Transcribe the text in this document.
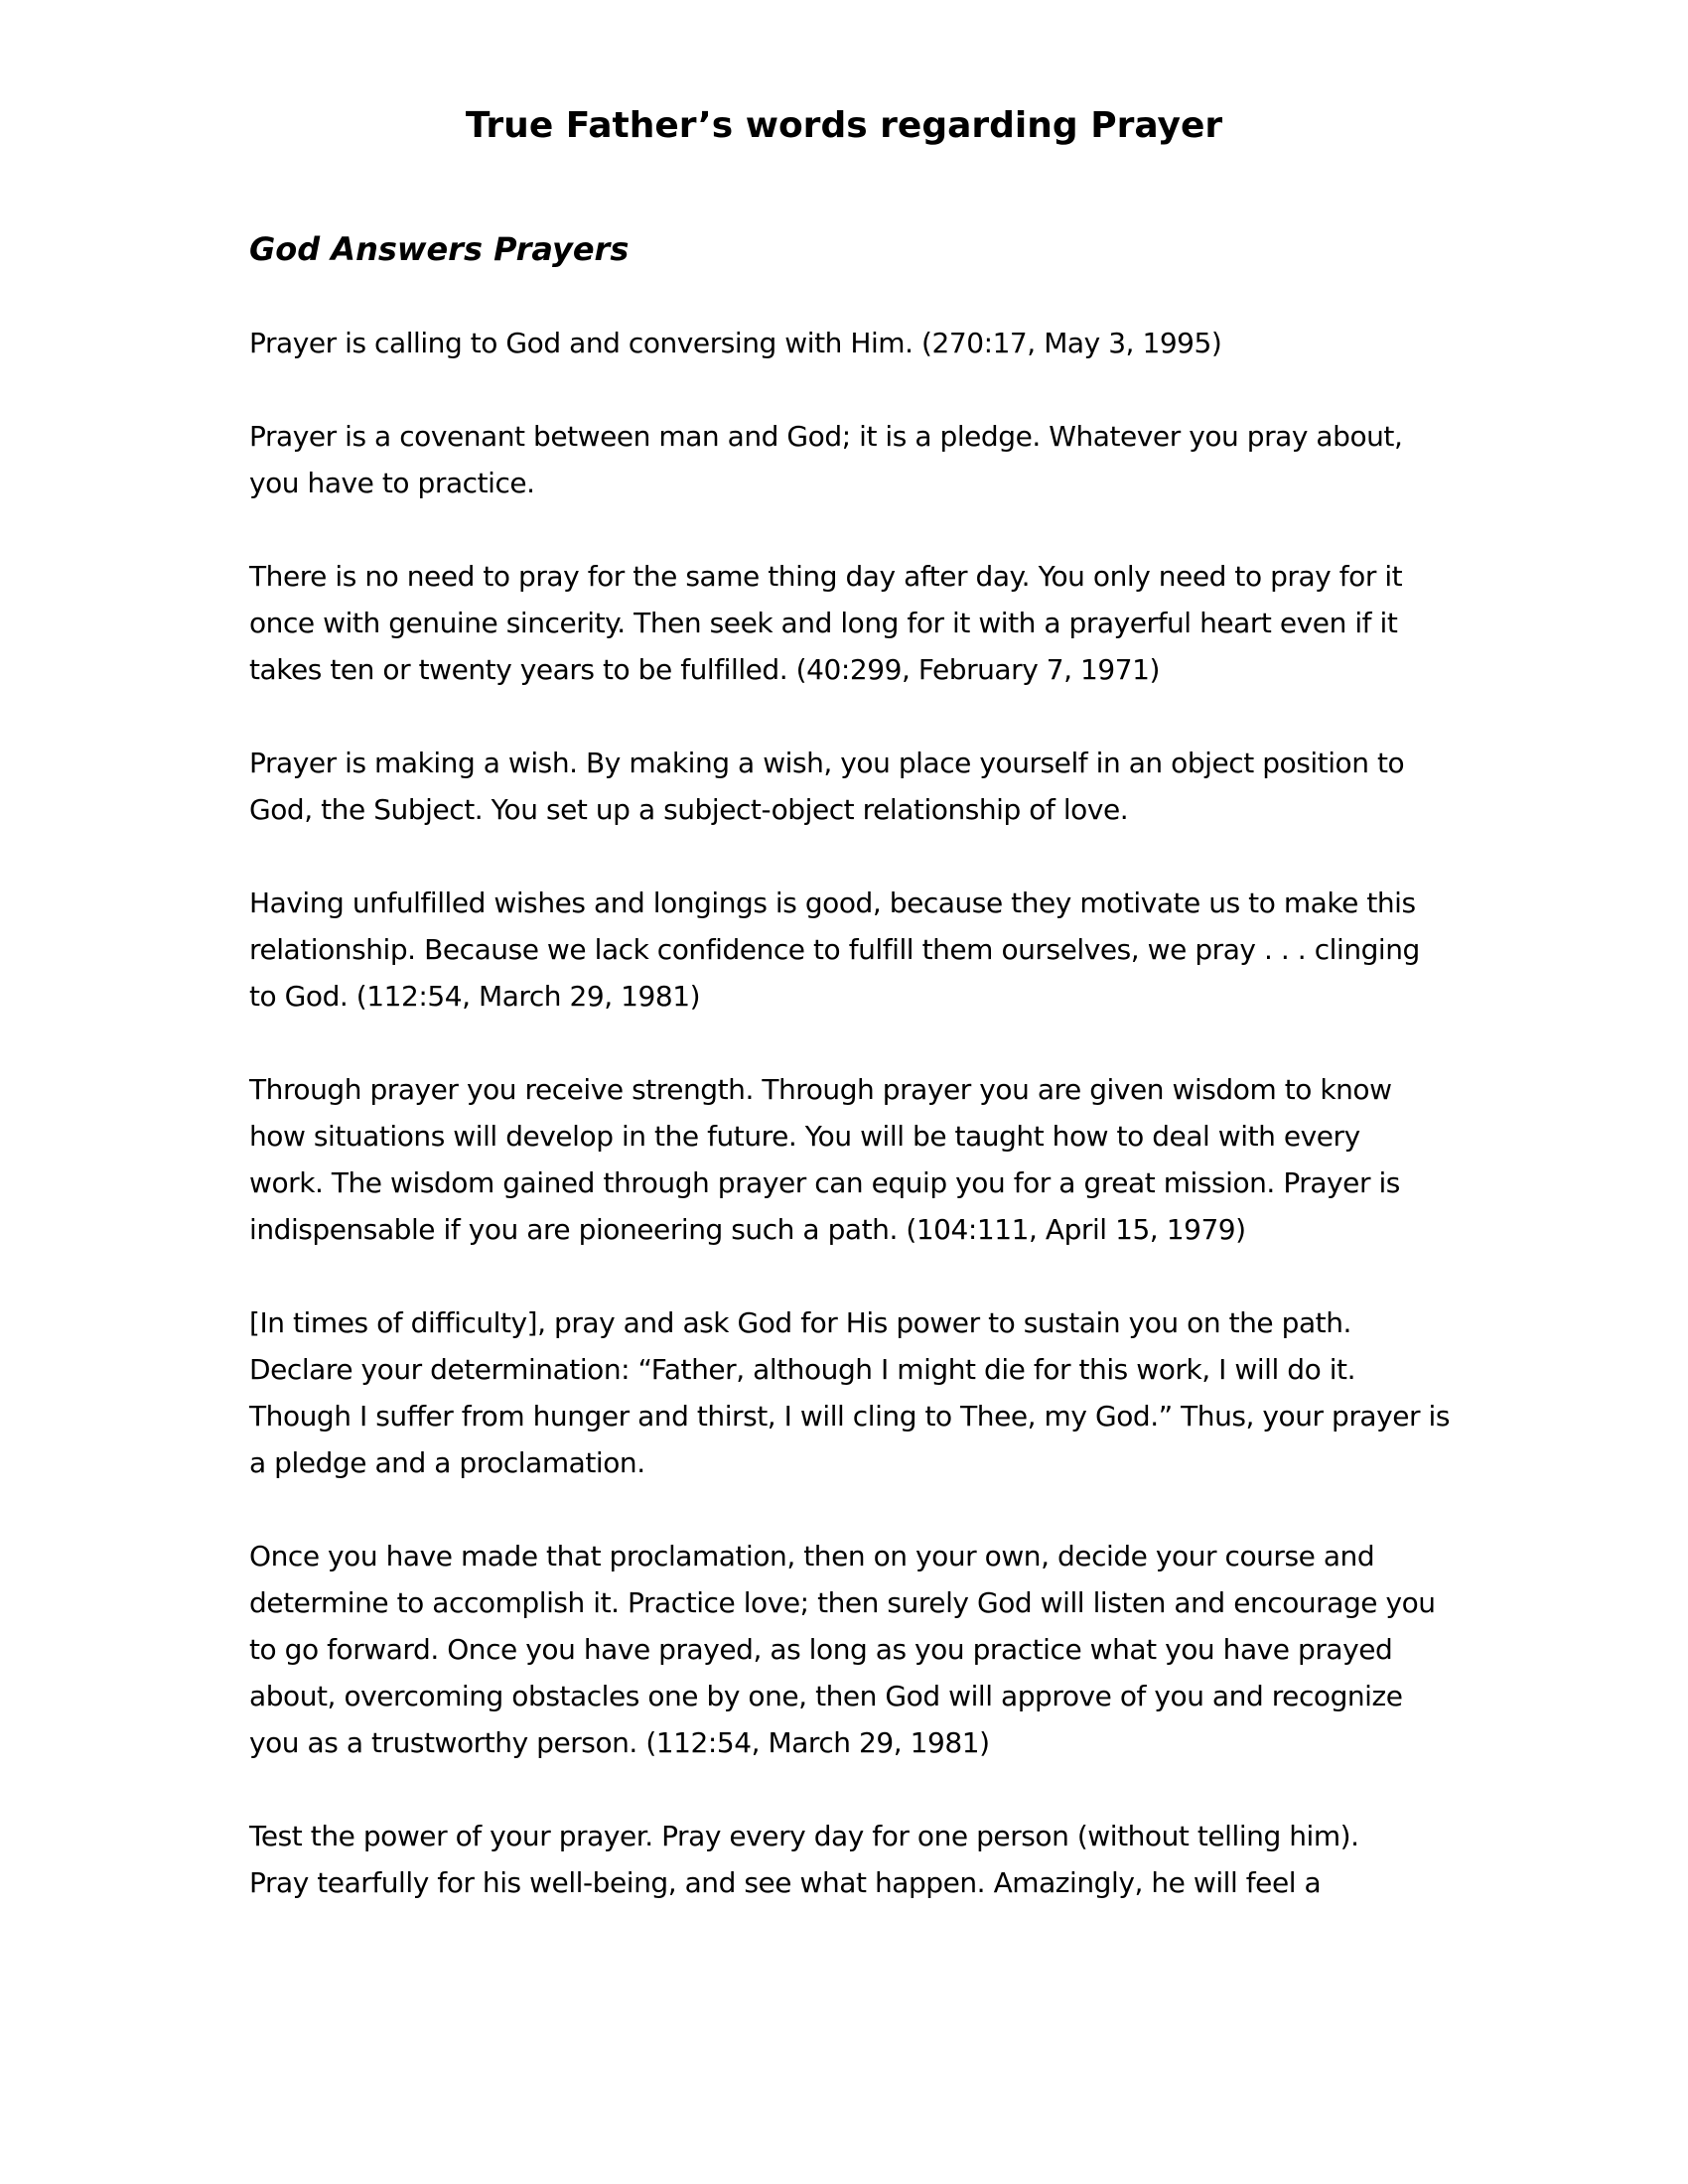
True Father’s words regarding Prayer
God Answers Prayers

Prayer is calling to God and conversing with Him. (270:17, May 3, 1995)

Prayer is a covenant between man and God; it is a pledge. Whatever you pray about,
you have to practice.

There is no need to pray for the same thing day after day. You only need to pray for it
once with genuine sincerity. Then seek and long for it with a prayerful heart even if it
takes ten or twenty years to be fulfilled. (40:299, February 7, 1971)

Prayer is making a wish. By making a wish, you place yourself in an object position to
God, the Subject. You set up a subject-object relationship of love.

Having unfulfilled wishes and longings is good, because they motivate us to make this
relationship. Because we lack confidence to fulfill them ourselves, we pray . . . clinging
to God. (112:54, March 29, 1981)

Through prayer you receive strength. Through prayer you are given wisdom to know
how situations will develop in the future. You will be taught how to deal with every
work. The wisdom gained through prayer can equip you for a great mission. Prayer is
indispensable if you are pioneering such a path. (104:111, April 15, 1979)

[In times of difficulty], pray and ask God for His power to sustain you on the path.
Declare your determination: “Father, although I might die for this work, I will do it.
Though I suffer from hunger and thirst, I will cling to Thee, my God.” Thus, your prayer is
a pledge and a proclamation.

Once you have made that proclamation, then on your own, decide your course and
determine to accomplish it. Practice love; then surely God will listen and encourage you
to go forward. Once you have prayed, as long as you practice what you have prayed
about, overcoming obstacles one by one, then God will approve of you and recognize
you as a trustworthy person. (112:54, March 29, 1981)

Test the power of your prayer. Pray every day for one person (without telling him).
Pray tearfully for his well-being, and see what happen. Amazingly, he will feel a
